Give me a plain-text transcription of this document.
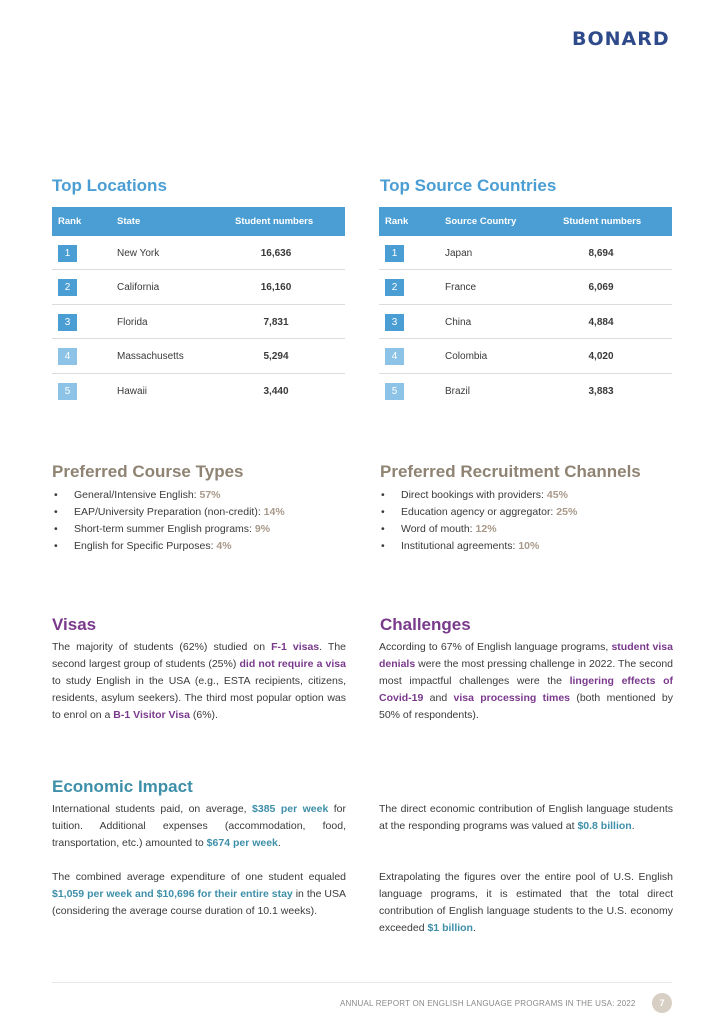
BONARD
Top Locations
Rank	State	Student numbers
1	New York	16,636
2	California	16,160
3	Florida	7,831
4	Massachusetts	5,294
5	Hawaii	3,440
Top Source Countries
Rank	Source Country	Student numbers
1	Japan	8,694
2	France	6,069
3	China	4,884
4	Colombia	4,020
5	Brazil	3,883
Preferred Course Types
• General/Intensive English: 57%
• EAP/University Preparation (non-credit): 14%
• Short-term summer English programs: 9%
• English for Specific Purposes: 4%
Preferred Recruitment Channels
• Direct bookings with providers: 45%
• Education agency or aggregator: 25%
• Word of mouth: 12%
• Institutional agreements: 10%
Visas

The majority of students (62%) studied on F-1 visas. The second largest group of students (25%) did not require a visa to study English in the USA (e.g., ESTA recipients, citizens, residents, asylum seekers). The third most popular option was to enrol on a B-1 Visitor Visa (6%).

Challenges

According to 67% of English language programs, student visa denials were the most pressing challenge in 2022. The second most impactful challenges were the lingering effects of Covid-19 and visa processing times (both mentioned by 50% of respondents).

Economic Impact

International students paid, on average, $385 per week for tuition. Additional expenses (accommodation, food, transportation, etc.) amounted to $674 per week.

The combined average expenditure of one student equaled $1,059 per week and $10,696 for their entire stay in the USA (considering the average course duration of 10.1 weeks).

The direct economic contribution of English language students at the responding programs was valued at $0.8 billion.

Extrapolating the figures over the entire pool of U.S. English language programs, it is estimated that the total direct contribution of English language students to the U.S. economy exceeded $1 billion.

ANNUAL REPORT ON ENGLISH LANGUAGE PROGRAMS IN THE USA: 2022	7
